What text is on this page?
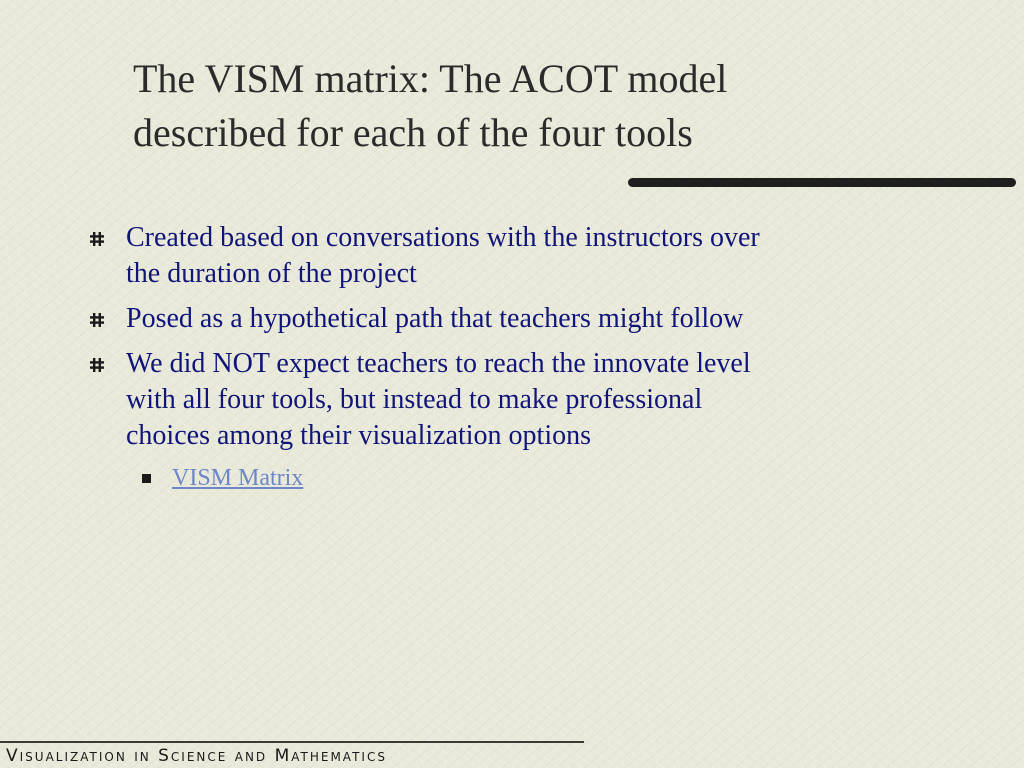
The VISM matrix: The ACOT model
described for each of the four tools
Created based on conversations with the instructors over
the duration of the project
Posed as a hypothetical path that teachers might follow
We did NOT expect teachers to reach the innovate level
with all four tools, but instead to make professional
choices among their visualization options
VISM Matrix
Visualization in Science and Mathematics
